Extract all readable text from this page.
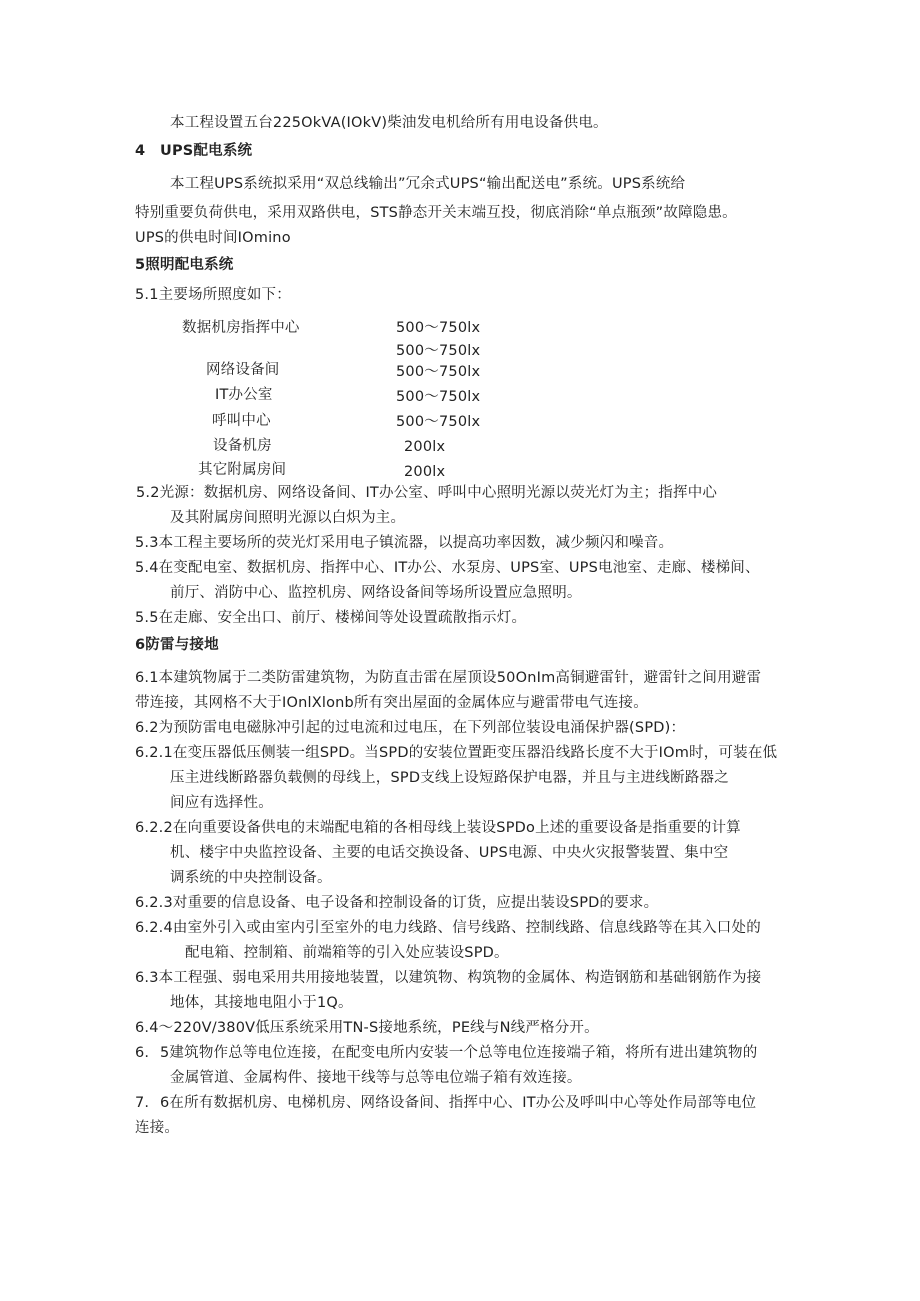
本工程设置五台225OkVA(IOkV)柴油发电机给所有用电设备供电。
4 UPS配电系统
本工程UPS系统拟采用“双总线输出”冗余式UPS“输出配送电”系统。UPS系统给
特别重要负荷供电，采用双路供电，STS静态开关末端互投，彻底消除“单点瓶颈”故障隐患。
UPS的供电时间IOmino
5照明配电系统
5.1主要场所照度如下：
数据机房指挥中心	500～750lx
500～750lx
网络设备间	500～750lx
IT办公室	500～750lx
呼叫中心	500～750lx
设备机房	200lx
其它附属房间	200lx
5.2光源：数据机房、网络设备间、IT办公室、呼叫中心照明光源以荧光灯为主；指挥中心
及其附属房间照明光源以白炽为主。
5.3本工程主要场所的荧光灯采用电子镇流器，以提高功率因数，减少频闪和噪音。
5.4在变配电室、数据机房、指挥中心、IT办公、水泵房、UPS室、UPS电池室、走廊、楼梯间、
前厅、消防中心、监控机房、网络设备间等场所设置应急照明。
5.5在走廊、安全出口、前厅、楼梯间等处设置疏散指示灯。
6防雷与接地
6.1本建筑物属于二类防雷建筑物，为防直击雷在屋顶设50OnIm高铜避雷针，避雷针之间用避雷
带连接，其网格不大于IOnlXlonb所有突出屋面的金属体应与避雷带电气连接。
6.2为预防雷电电磁脉冲引起的过电流和过电压，在下列部位装设电涌保护器(SPD)：
6.2.1在变压器低压侧装一组SPD。当SPD的安装位置距变压器沿线路长度不大于IOm时，可装在低
压主进线断路器负载侧的母线上，SPD支线上设短路保护电器，并且与主进线断路器之
间应有选择性。
6.2.2在向重要设备供电的末端配电箱的各相母线上装设SPDo上述的重要设备是指重要的计算
机、楼宇中央监控设备、主要的电话交换设备、UPS电源、中央火灾报警装置、集中空
调系统的中央控制设备。
6.2.3对重要的信息设备、电子设备和控制设备的订货，应提出装设SPD的要求。
6.2.4由室外引入或由室内引至室外的电力线路、信号线路、控制线路、信息线路等在其入口处的
配电箱、控制箱、前端箱等的引入处应装设SPD。
6.3本工程强、弱电采用共用接地装置，以建筑物、构筑物的金属体、构造钢筋和基础钢筋作为接
地体，其接地电阻小于1Q。
6.4～220V/380V低压系统采用TN-S接地系统，PE线与N线严格分开。
6. 5建筑物作总等电位连接，在配变电所内安装一个总等电位连接端子箱，将所有进出建筑物的
金属管道、金属构件、接地干线等与总等电位端子箱有效连接。
7. 6在所有数据机房、电梯机房、网络设备间、指挥中心、IT办公及呼叫中心等处作局部等电位
连接。
